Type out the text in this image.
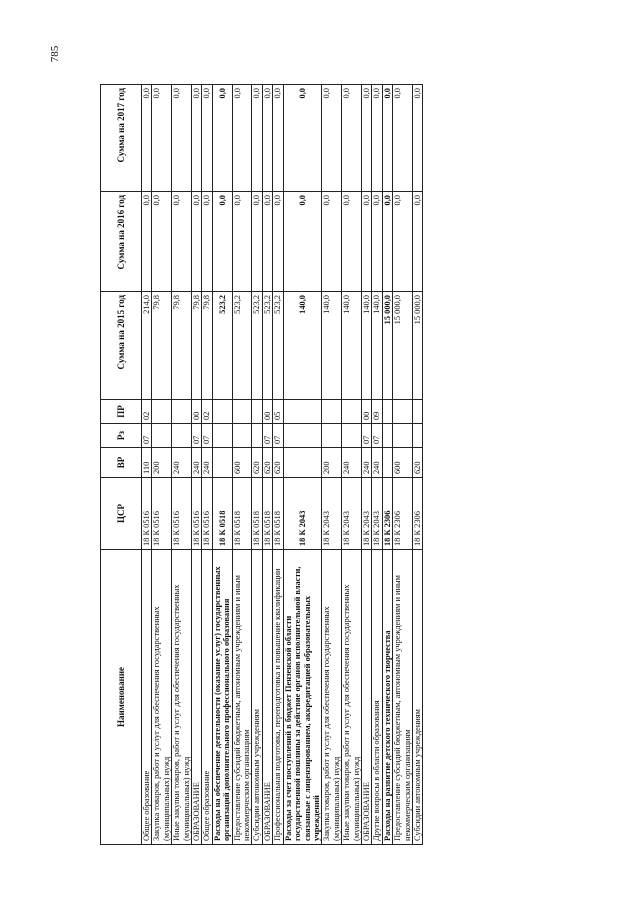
785
Наименование	ЦСР	ВР	Рз	ПР	Сумма на 2015 год	Сумма на 2016 год	Сумма на 2017 год
Общее образование	18 К 0516	110	07	02	214,0	0,0	0,0
Закупка товаров, работ и услуг для обеспечения государственных (муниципальных) нужд	18 К 0516	200			79,8	0,0	0,0
Иные закупки товаров, работ и услуг для обеспечения государственных (муниципальных) нужд	18 К 0516	240			79,8	0,0	0,0
ОБРАЗОВАНИЕ	18 К 0516	240	07	00	79,8	0,0	0,0
Общее образование	18 К 0516	240	07	02	79,8	0,0	0,0
Расходы на обеспечение деятельности (оказание услуг) государственных организаций дополнительного профессионального образования	18 К 0518				523,2	0,0	0,0
Предоставление субсидий бюджетным, автономным учреждениям и иным некоммерческим организациям	18 К 0518	600			523,2	0,0	0,0
Субсидии автономным учреждениям	18 К 0518	620			523,2	0,0	0,0
ОБРАЗОВАНИЕ	18 К 0518	620	07	00	523,2	0,0	0,0
Профессиональная подготовка, переподготовка и повышение квалификации	18 К 0518	620	07	05	523,2	0,0	0,0
Расходы за счет поступлений в бюджет Пензенской области государственной пошлины за действие органов исполнительной власти, связанные с лицензированием, аккредитацией образовательных учреждений	18 К 2043				140,0	0,0	0,0
Закупка товаров, работ и услуг для обеспечения государственных (муниципальных) нужд	18 К 2043	200			140,0	0,0	0,0
Иные закупки товаров, работ и услуг для обеспечения государственных (муниципальных) нужд	18 К 2043	240			140,0	0,0	0,0
ОБРАЗОВАНИЕ	18 К 2043	240	07	00	140,0	0,0	0,0
Другие вопросы в области образования	18 К 2043	240	07	09	140,0	0,0	0,0
Расходы на развитие детского технического творчества	18 К 2306				15 000,0	0,0	0,0
Предоставление субсидий бюджетным, автономным учреждениям и иным некоммерческим организациям	18 К 2306	600			15 000,0	0,0	0,0
Субсидии автономным учреждениям	18 К 2306	620			15 000,0	0,0	0,0
